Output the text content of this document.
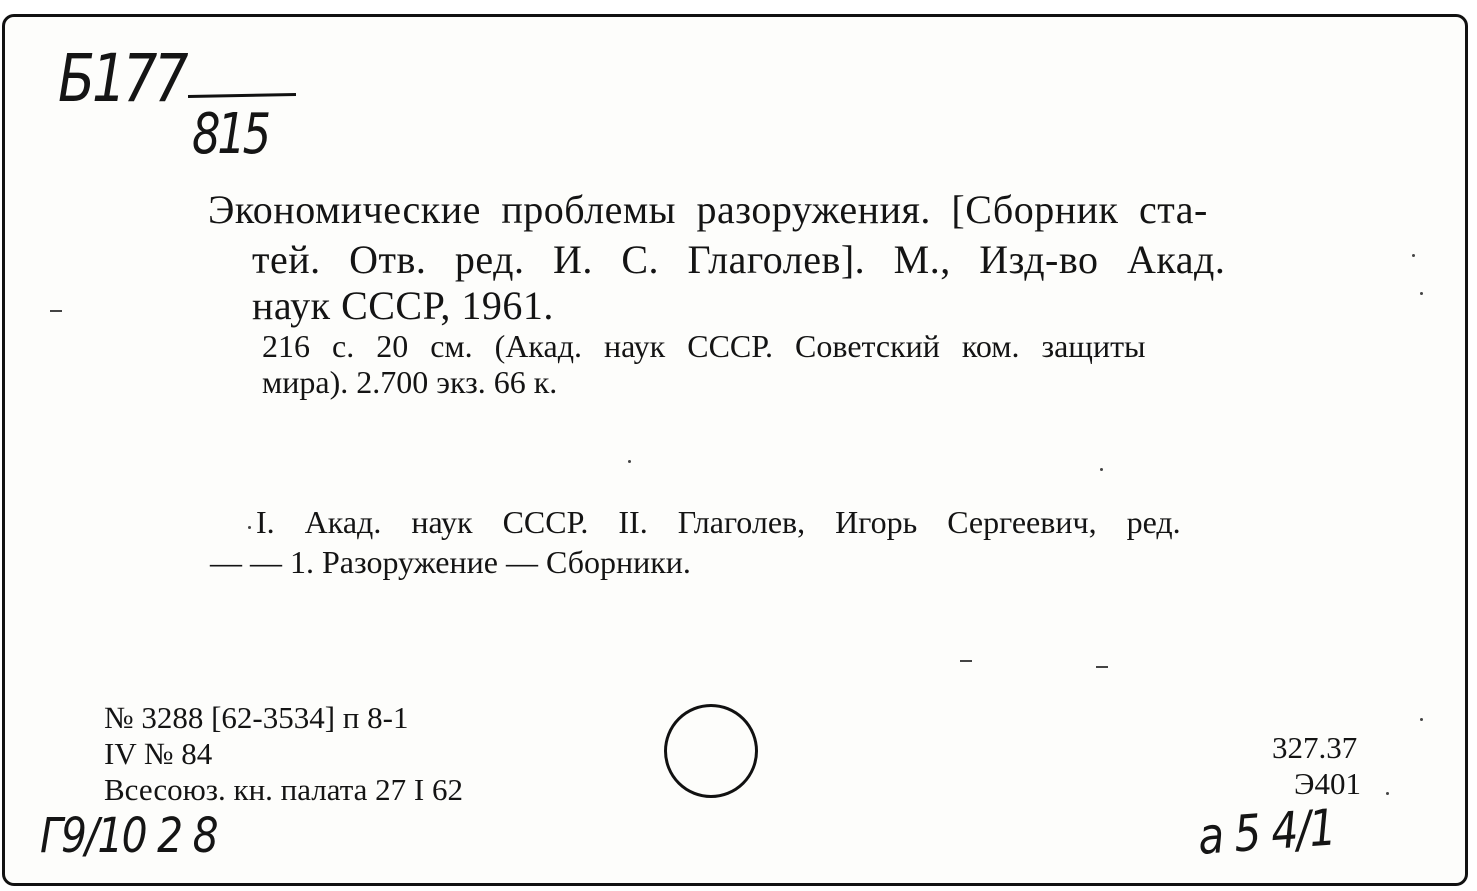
Б177
815
Экономические проблемы разоружения. [Сборник ста-
тей. Отв. ред. И. С. Глаголев]. М., Изд-во Акад.
наук СССР, 1961.
216 с. 20 см. (Акад. наук СССР. Советский ком. защиты
мира). 2.700 экз. 66 к.
I. Акад. наук СССР. II. Глаголев, Игорь Сергеевич, ред.
— — 1. Разоружение — Сборники.
№ 3288 [62-3534] п 8-1
IV № 84
Всесоюз. кн. палата 27 I 62
327.37
Э401
Г9/10 2 8	а 5 4/1
